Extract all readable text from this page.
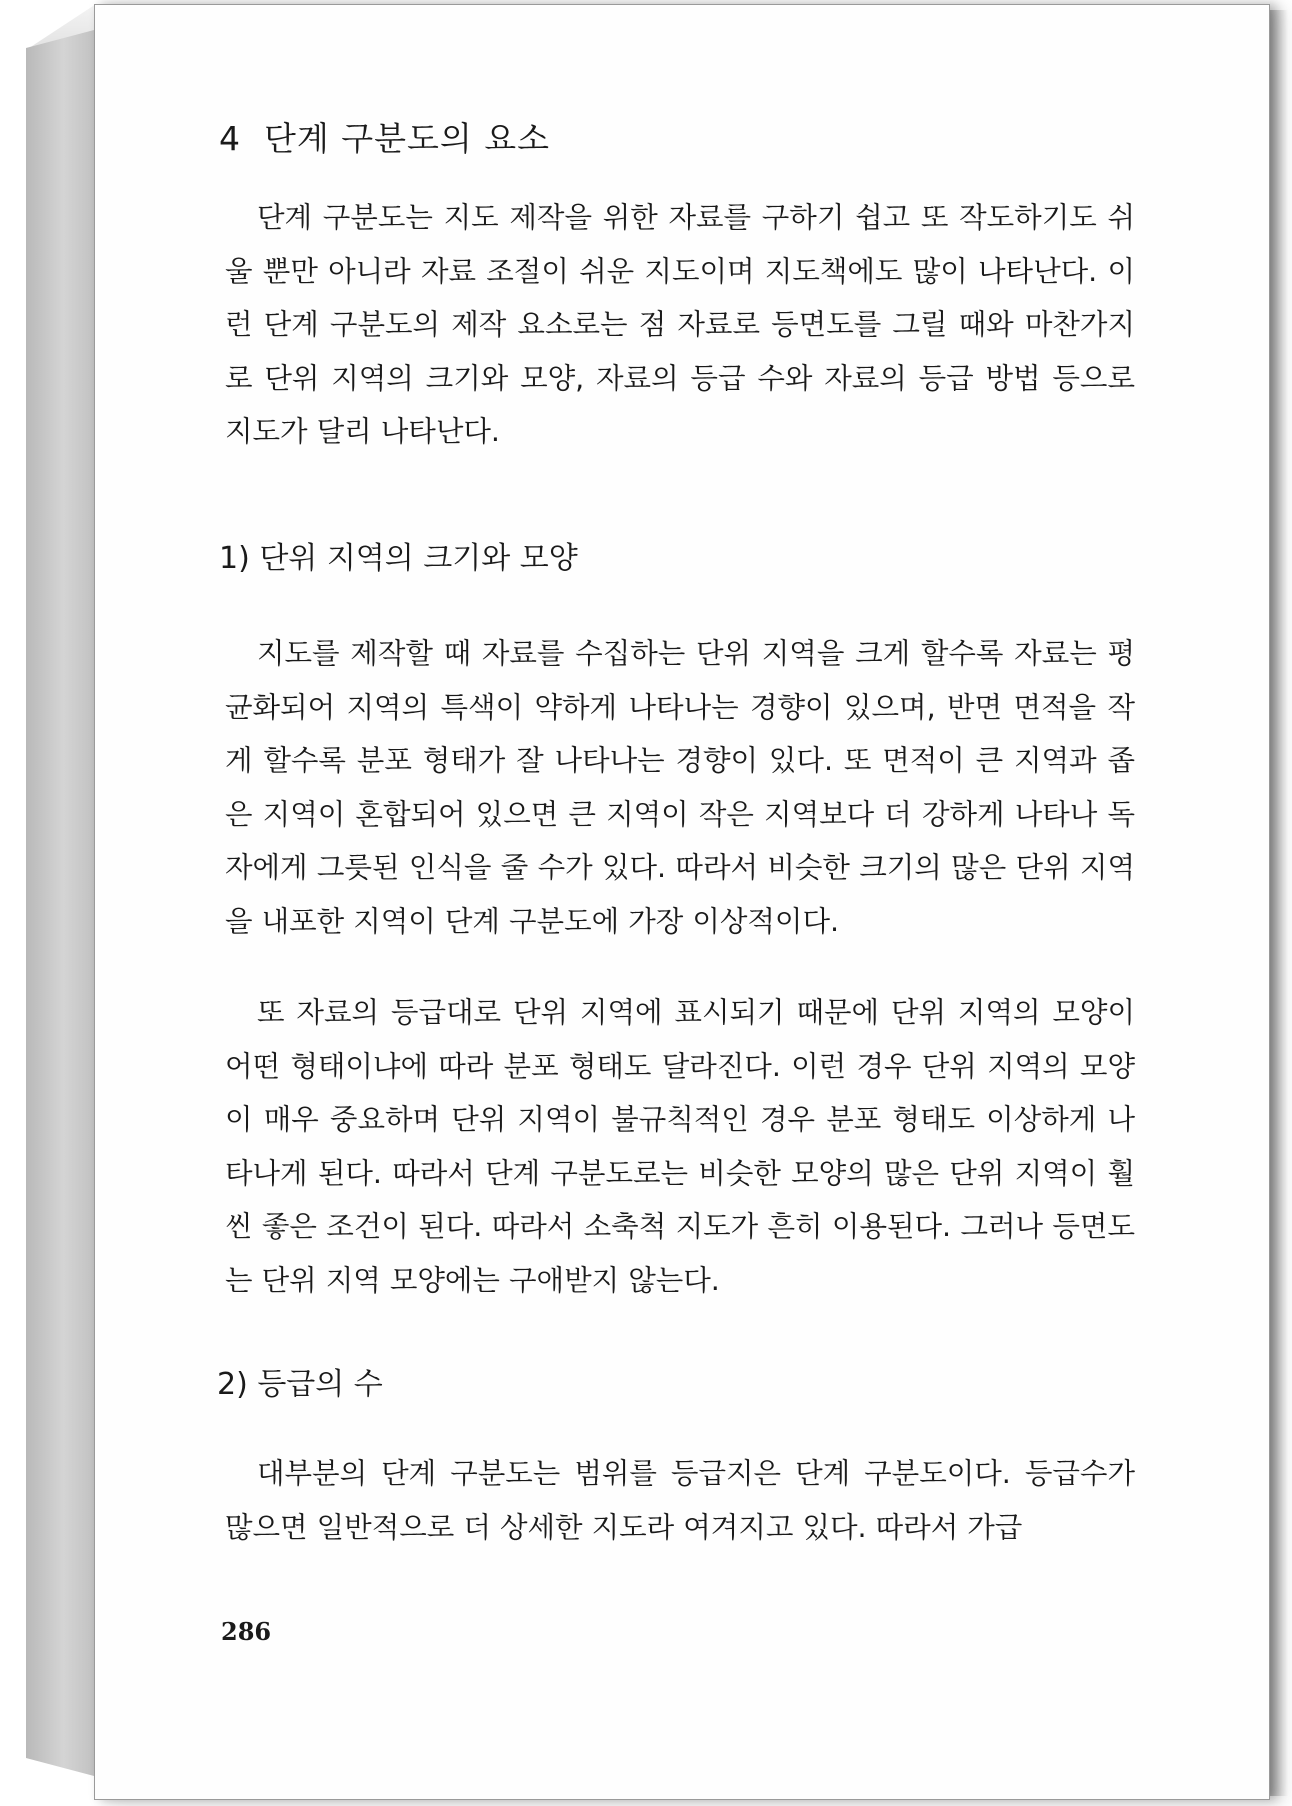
4  단계 구분도의 요소

단계 구분도는 지도 제작을 위한 자료를 구하기 쉽고 또 작도하기도 쉬울 뿐만 아니라 자료 조절이 쉬운 지도이며 지도책에도 많이 나타난다. 이런 단계 구분도의 제작 요소로는 점 자료로 등면도를 그릴 때와 마찬가지로 단위 지역의 크기와 모양, 자료의 등급 수와 자료의 등급 방법 등으로 지도가 달리 나타난다.

1) 단위 지역의 크기와 모양

지도를 제작할 때 자료를 수집하는 단위 지역을 크게 할수록 자료는 평균화되어 지역의 특색이 약하게 나타나는 경향이 있으며, 반면 면적을 작게 할수록 분포 형태가 잘 나타나는 경향이 있다. 또 면적이 큰 지역과 좁은 지역이 혼합되어 있으면 큰 지역이 작은 지역보다 더 강하게 나타나 독자에게 그릇된 인식을 줄 수가 있다. 따라서 비슷한 크기의 많은 단위 지역을 내포한 지역이 단계 구분도에 가장 이상적이다.

또 자료의 등급대로 단위 지역에 표시되기 때문에 단위 지역의 모양이 어떤 형태이냐에 따라 분포 형태도 달라진다. 이런 경우 단위 지역의 모양이 매우 중요하며 단위 지역이 불규칙적인 경우 분포 형태도 이상하게 나타나게 된다. 따라서 단계 구분도로는 비슷한 모양의 많은 단위 지역이 훨씬 좋은 조건이 된다. 따라서 소축척 지도가 흔히 이용된다. 그러나 등면도는 단위 지역 모양에는 구애받지 않는다.

2) 등급의 수

대부분의 단계 구분도는 범위를 등급지은 단계 구분도이다. 등급수가 많으면 일반적으로 더 상세한 지도라 여겨지고 있다. 따라서 가급

286
